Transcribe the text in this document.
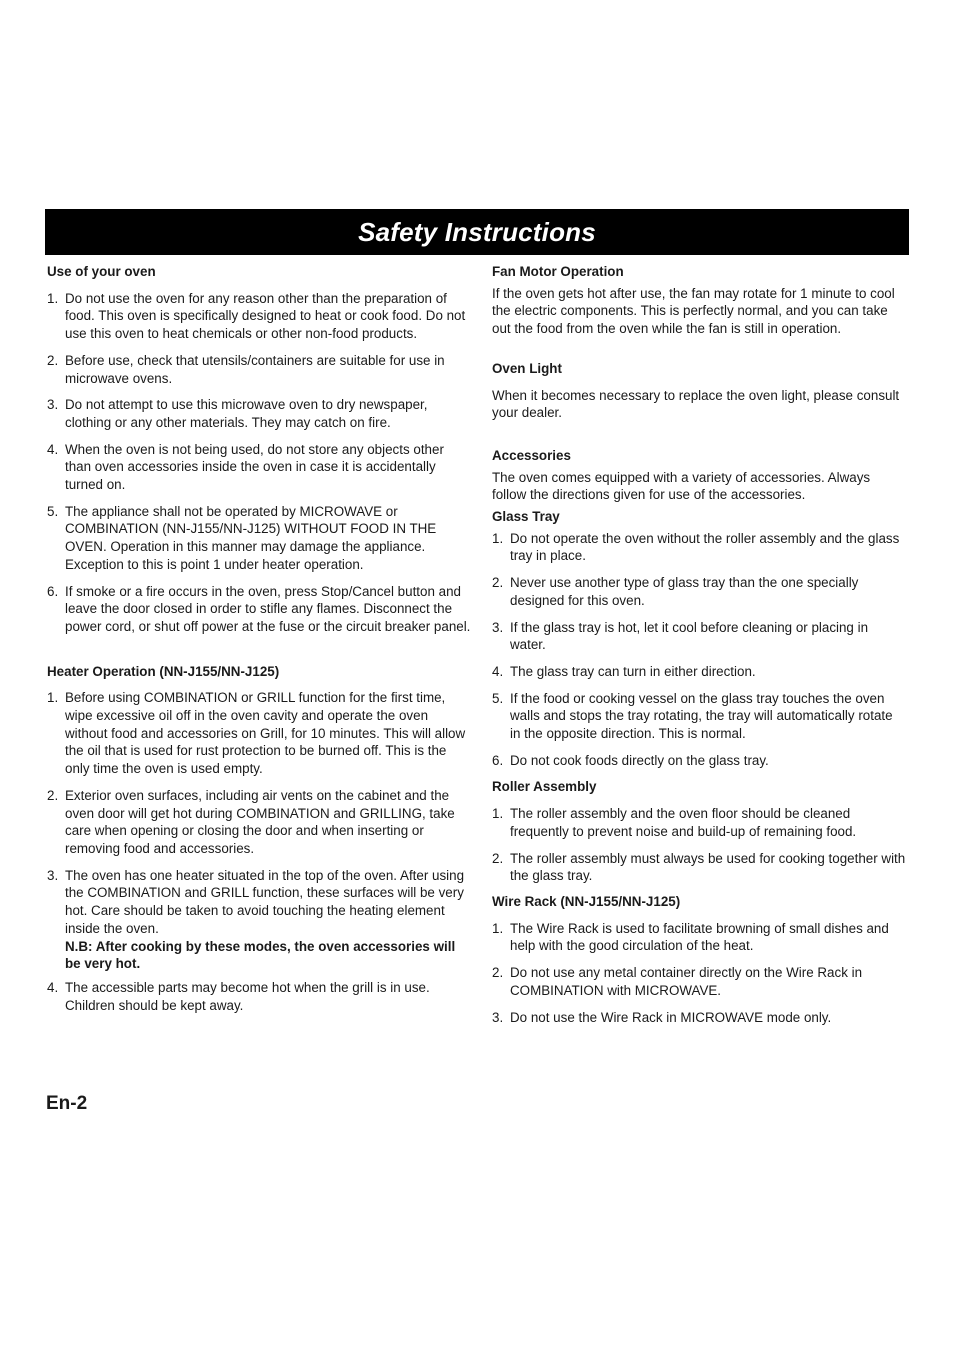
Safety Instructions

Use of your oven

1. Do not use the oven for any reason other than the preparation of food. This oven is specifically designed to heat or cook food. Do not use this oven to heat chemicals or other non-food products.
2. Before use, check that utensils/containers are suitable for use in microwave ovens.
3. Do not attempt to use this microwave oven to dry newspaper, clothing or any other materials. They may catch on fire.
4. When the oven is not being used, do not store any objects other than oven accessories inside the oven in case it is accidentally turned on.
5. The appliance shall not be operated by MICROWAVE or COMBINATION (NN-J155/NN-J125) WITHOUT FOOD IN THE OVEN. Operation in this manner may damage the appliance. Exception to this is point 1 under heater operation.
6. If smoke or a fire occurs in the oven, press Stop/Cancel button and leave the door closed in order to stifle any flames. Disconnect the power cord, or shut off power at the fuse or the circuit breaker panel.

Heater Operation (NN-J155/NN-J125)

1. Before using COMBINATION or GRILL function for the first time, wipe excessive oil off in the oven cavity and operate the oven without food and accessories on Grill, for 10 minutes. This will allow the oil that is used for rust protection to be burned off. This is the only time the oven is used empty.
2. Exterior oven surfaces, including air vents on the cabinet and the oven door will get hot during COMBINATION and GRILLING, take care when opening or closing the door and when inserting or removing food and accessories.
3. The oven has one heater situated in the top of the oven. After using the COMBINATION and GRILL function, these surfaces will be very hot. Care should be taken to avoid touching the heating element inside the oven.
N.B: After cooking by these modes, the oven accessories will be very hot.
4. The accessible parts may become hot when the grill is in use. Children should be kept away.

Fan Motor Operation

If the oven gets hot after use, the fan may rotate for 1 minute to cool the electric components. This is perfectly normal, and you can take out the food from the oven while the fan is still in operation.

Oven Light

When it becomes necessary to replace the oven light, please consult your dealer.

Accessories

The oven comes equipped with a variety of accessories. Always follow the directions given for use of the accessories.

Glass Tray

1. Do not operate the oven without the roller assembly and the glass tray in place.
2. Never use another type of glass tray than the one specially designed for this oven.
3. If the glass tray is hot, let it cool before cleaning or placing in water.
4. The glass tray can turn in either direction.
5. If the food or cooking vessel on the glass tray touches the oven walls and stops the tray rotating, the tray will automatically rotate in the opposite direction. This is normal.
6. Do not cook foods directly on the glass tray.

Roller Assembly

1. The roller assembly and the oven floor should be cleaned frequently to prevent noise and build-up of remaining food.
2. The roller assembly must always be used for cooking together with the glass tray.

Wire Rack (NN-J155/NN-J125)

1. The Wire Rack is used to facilitate browning of small dishes and help with the good circulation of the heat.
2. Do not use any metal container directly on the Wire Rack in COMBINATION with MICROWAVE.
3. Do not use the Wire Rack in MICROWAVE mode only.
En-2
